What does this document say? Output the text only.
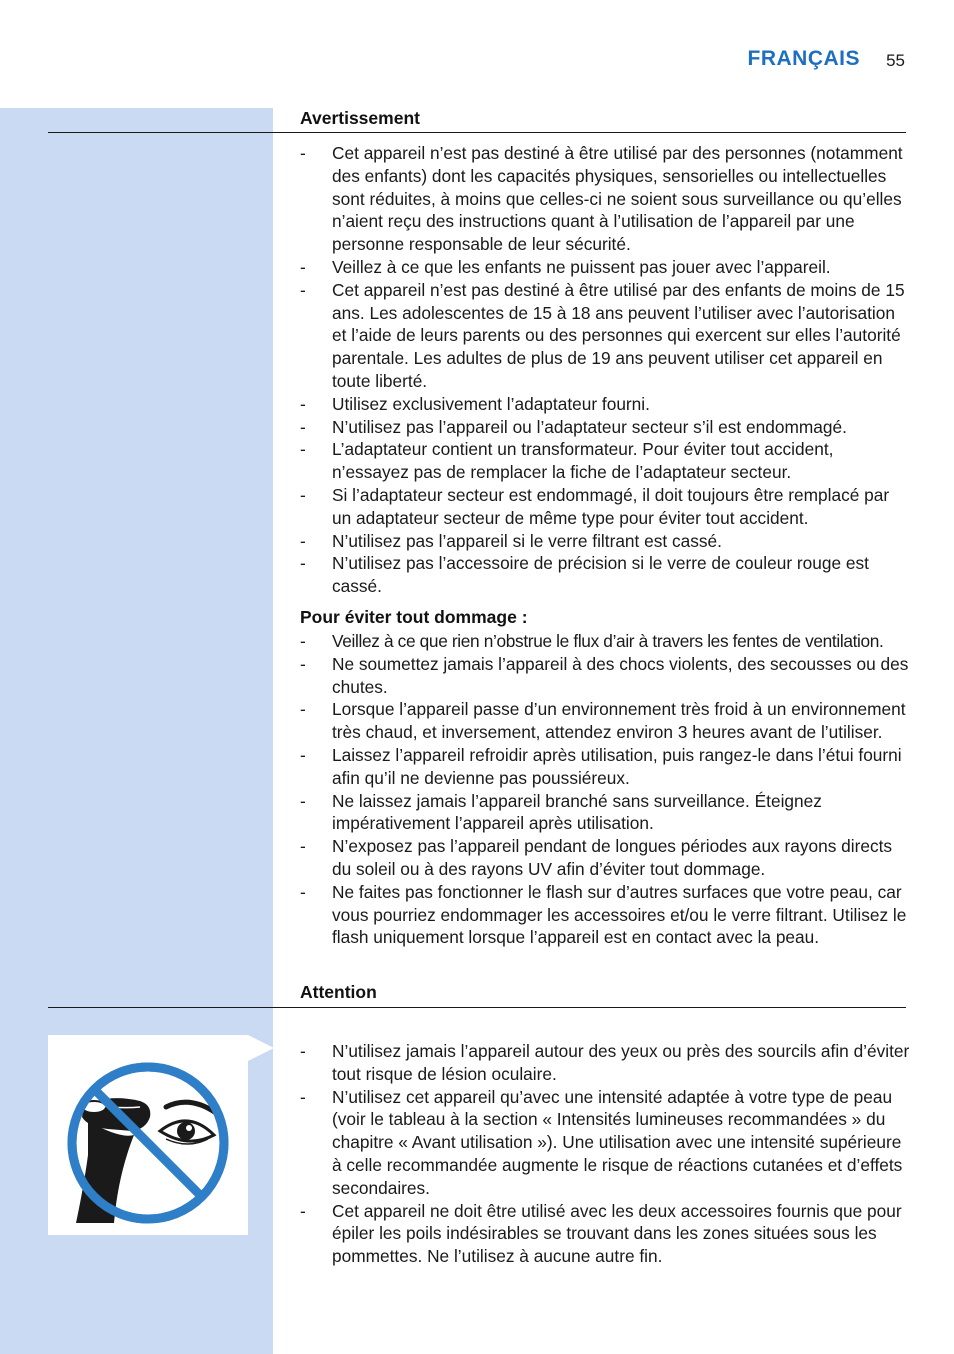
FRANÇAIS 55
Avertissement
- Cet appareil n’est pas destiné à être utilisé par des personnes (notamment des enfants) dont les capacités physiques, sensorielles ou intellectuelles sont réduites, à moins que celles-ci ne soient sous surveillance ou qu’elles n’aient reçu des instructions quant à l’utilisation de l’appareil par une personne responsable de leur sécurité.
- Veillez à ce que les enfants ne puissent pas jouer avec l’appareil.
- Cet appareil n’est pas destiné à être utilisé par des enfants de moins de 15 ans. Les adolescentes de 15 à 18 ans peuvent l’utiliser avec l’autorisation et l’aide de leurs parents ou des personnes qui exercent sur elles l’autorité parentale. Les adultes de plus de 19 ans peuvent utiliser cet appareil en toute liberté.
- Utilisez exclusivement l’adaptateur fourni.
- N’utilisez pas l’appareil ou l’adaptateur secteur s’il est endommagé.
- L’adaptateur contient un transformateur. Pour éviter tout accident, n’essayez pas de remplacer la fiche de l’adaptateur secteur.
- Si l’adaptateur secteur est endommagé, il doit toujours être remplacé par un adaptateur secteur de même type pour éviter tout accident.
- N’utilisez pas l’appareil si le verre filtrant est cassé.
- N’utilisez pas l’accessoire de précision si le verre de couleur rouge est cassé.
Pour éviter tout dommage :
- Veillez à ce que rien n’obstrue le flux d’air à travers les fentes de ventilation.
- Ne soumettez jamais l’appareil à des chocs violents, des secousses ou des chutes.
- Lorsque l’appareil passe d’un environnement très froid à un environnement très chaud, et inversement, attendez environ 3 heures avant de l’utiliser.
- Laissez l’appareil refroidir après utilisation, puis rangez-le dans l’étui fourni afin qu’il ne devienne pas poussiéreux.
- Ne laissez jamais l’appareil branché sans surveillance. Éteignez impérativement l’appareil après utilisation.
- N’exposez pas l’appareil pendant de longues périodes aux rayons directs du soleil ou à des rayons UV afin d’éviter tout dommage.
- Ne faites pas fonctionner le flash sur d’autres surfaces que votre peau, car vous pourriez endommager les accessoires et/ou le verre filtrant. Utilisez le flash uniquement lorsque l’appareil est en contact avec la peau.
Attention
- N’utilisez jamais l’appareil autour des yeux ou près des sourcils afin d’éviter tout risque de lésion oculaire.
- N’utilisez cet appareil qu’avec une intensité adaptée à votre type de peau (voir le tableau à la section « Intensités lumineuses recommandées » du chapitre « Avant utilisation »). Une utilisation avec une intensité supérieure à celle recommandée augmente le risque de réactions cutanées et d’effets secondaires.
- Cet appareil ne doit être utilisé avec les deux accessoires fournis que pour épiler les poils indésirables se trouvant dans les zones situées sous les pommettes. Ne l’utilisez à aucune autre fin.
